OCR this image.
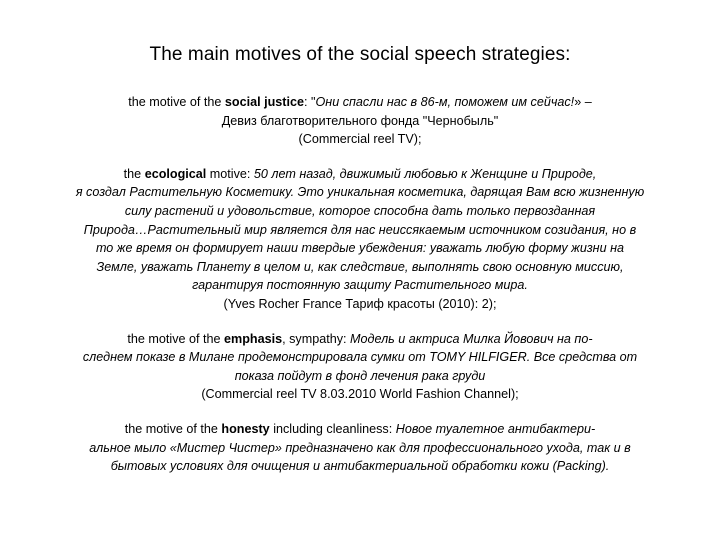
The main motives of the social speech strategies:
the motive of the social justice: "Они спасли нас в 86-м, поможем им сейчас!» –
Девиз благотворительного фонда "Чернобыль"
(Commercial reel TV);
the ecological motive: 50 лет назад, движимый любовью к Женщине и Природе,
я создал Растительную Косметику. Это уникальная косметика, дарящая Вам всю жизненную
силу растений и удовольствие, которое способна дать только первозданная
Природа…Растительный мир является для нас неиссякаемым источником созидания, но в
то же время он формирует наши твердые убеждения: уважать любую форму жизни на
Земле, уважать Планету в целом и, как следствие, выполнять свою основную миссию,
гарантируя постоянную защиту Растительного мира.
(Yves Rocher France Тариф красоты (2010): 2);
the motive of the emphasis, sympathy: Модель и актриса Милка Йовович на по-
следнем показе в Милане продемонстрировала сумки от TOMY HILFIGER. Все средства от
показа пойдут в фонд лечения рака груди
(Commercial reel TV 8.03.2010 World Fashion Channel);
the motive of the honesty including cleanliness: Новое туалетное антибактери-
альное мыло «Мистер Чистер» предназначено как для профессионального ухода, так и в
бытовых условиях для очищения и антибактериальной обработки кожи (Packing).
